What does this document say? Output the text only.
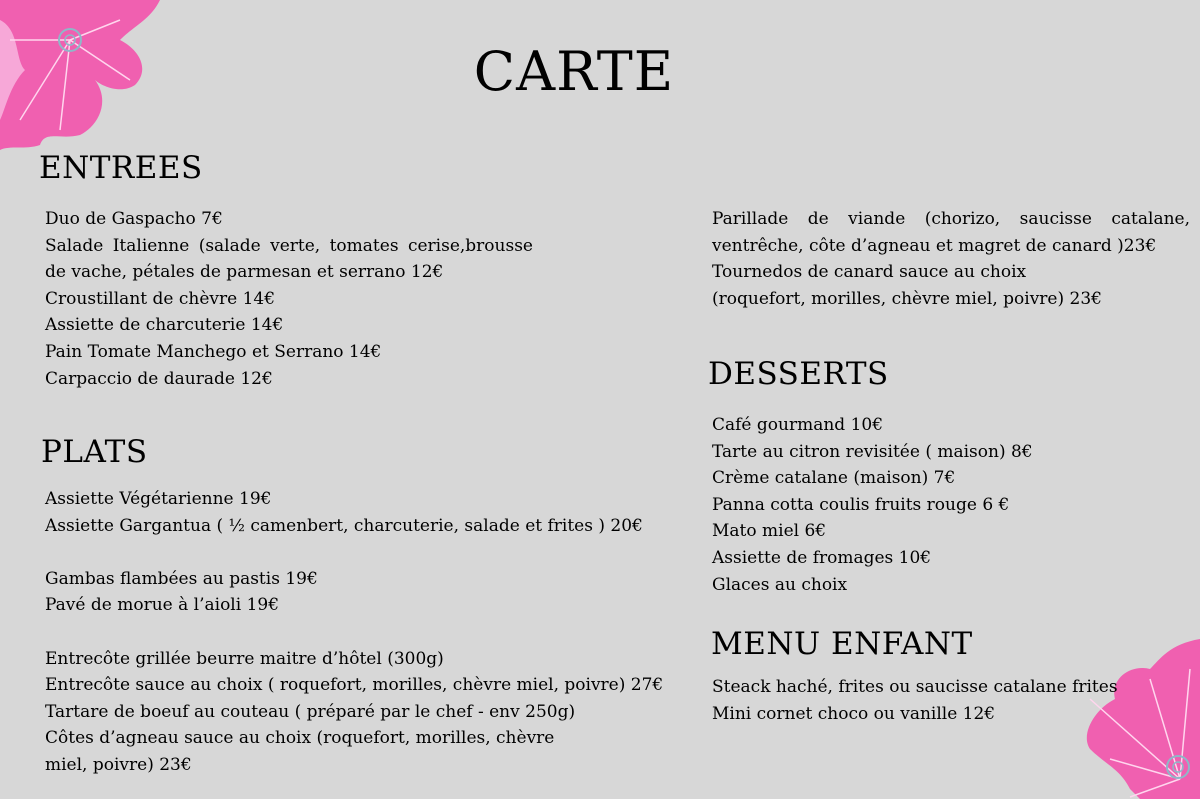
CARTE
ENTREES
Duo de Gaspacho 7€
Salade Italienne (salade verte, tomates cerise,brousse de vache, pétales de parmesan et serrano 12€
Croustillant de chèvre 14€
Assiette de charcuterie 14€
Pain Tomate Manchego et Serrano 14€
Carpaccio de daurade 12€
PLATS
Assiette Végétarienne 19€
Assiette Gargantua ( ½ camenbert, charcuterie, salade et frites ) 20€
Gambas flambées au pastis 19€
Pavé de morue à l’aioli 19€
Entrecôte grillée beurre maitre d’hôtel (300g)
Entrecôte sauce au choix ( roquefort, morilles, chèvre miel, poivre) 27€
Tartare de boeuf au couteau ( préparé par le chef - env 250g)
Côtes d’agneau sauce au choix (roquefort, morilles, chèvre miel, poivre) 23€
Parillade de viande (chorizo, saucisse catalane, ventrêche, côte d’agneau et magret de canard )23€
Tournedos de canard sauce au choix
(roquefort, morilles, chèvre miel, poivre) 23€
DESSERTS
Café gourmand 10€
Tarte au citron revisitée ( maison) 8€
Crème catalane (maison) 7€
Panna cotta coulis fruits rouge 6 €
Mato miel 6€
Assiette de fromages 10€
Glaces au choix
MENU ENFANT
Steack haché, frites ou saucisse catalane frites
Mini cornet choco ou vanille 12€
